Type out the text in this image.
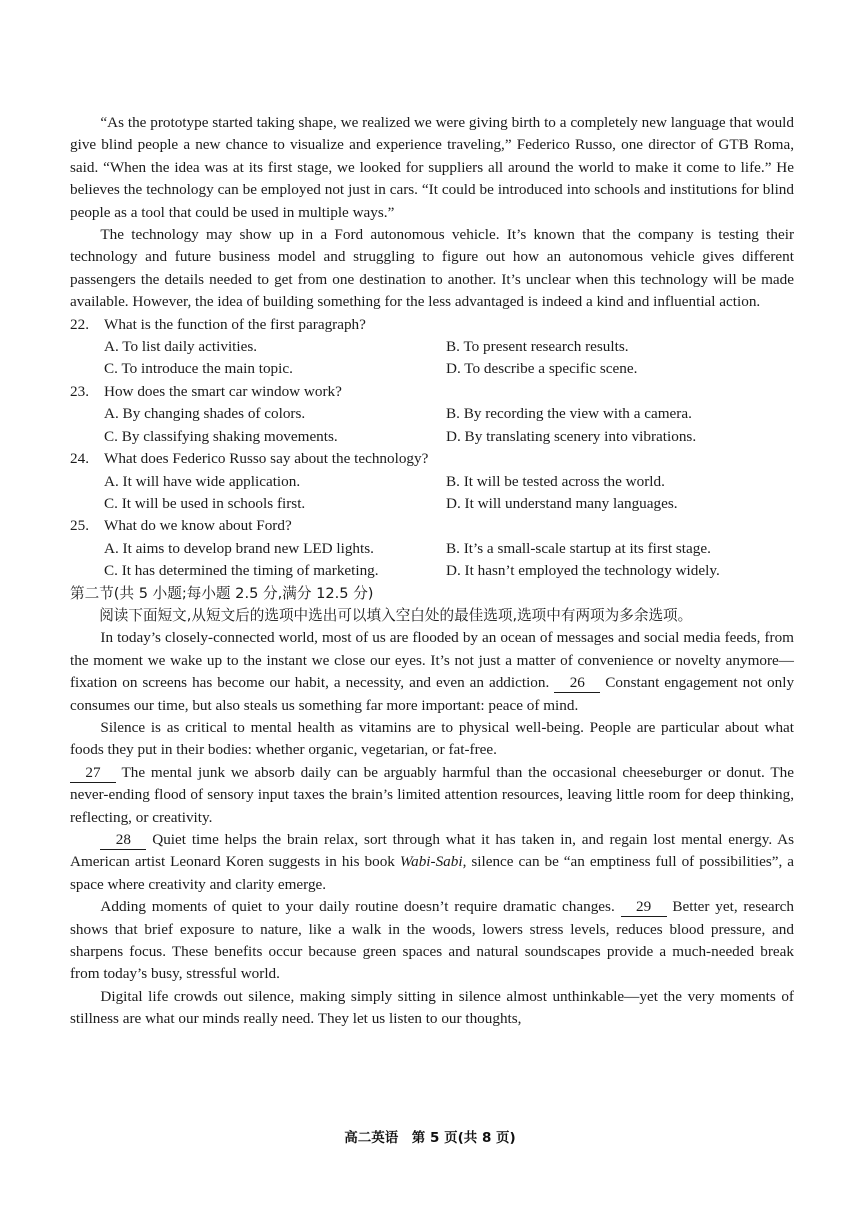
“As the prototype started taking shape, we realized we were giving birth to a completely new language that would give blind people a new chance to visualize and experience traveling,” Federico Russo, one director of GTB Roma, said. “When the idea was at its first stage, we looked for suppliers all around the world to make it come to life.” He believes the technology can be employed not just in cars. “It could be introduced into schools and institutions for blind people as a tool that could be used in multiple ways.”

The technology may show up in a Ford autonomous vehicle. It’s known that the company is testing their technology and future business model and struggling to figure out how an autonomous vehicle gives different passengers the details needed to get from one destination to another. It’s unclear when this technology will be made available. However, the idea of building something for the less advantaged is indeed a kind and influential action.

22. What is the function of the first paragraph?
A. To list daily activities.	B. To present research results.
C. To introduce the main topic.	D. To describe a specific scene.
23. How does the smart car window work?
A. By changing shades of colors.	B. By recording the view with a camera.
C. By classifying shaking movements.	D. By translating scenery into vibrations.
24. What does Federico Russo say about the technology?
A. It will have wide application.	B. It will be tested across the world.
C. It will be used in schools first.	D. It will understand many languages.
25. What do we know about Ford?
A. It aims to develop brand new LED lights.	B. It’s a small-scale startup at its first stage.
C. It has determined the timing of marketing.	D. It hasn’t employed the technology widely.
第二节(共 5 小题;每小题 2.5 分,满分 12.5 分)

阅读下面短文,从短文后的选项中选出可以填入空白处的最佳选项,选项中有两项为多余选项。

In today’s closely-connected world, most of us are flooded by an ocean of messages and social media feeds, from the moment we wake up to the instant we close our eyes. It’s not just a matter of convenience or novelty anymore—fixation on screens has become our habit, a necessity, and even an addiction. 26 Constant engagement not only consumes our time, but also steals us something far more important: peace of mind.

Silence is as critical to mental health as vitamins are to physical well-being. People are particular about what foods they put in their bodies: whether organic, vegetarian, or fat-free.

27 The mental junk we absorb daily can be arguably harmful than the occasional cheeseburger or donut. The never-ending flood of sensory input taxes the brain’s limited attention resources, leaving little room for deep thinking, reflecting, or creativity.

28 Quiet time helps the brain relax, sort through what it has taken in, and regain lost mental energy. As American artist Leonard Koren suggests in his book Wabi-Sabi, silence can be “an emptiness full of possibilities”, a space where creativity and clarity emerge.

Adding moments of quiet to your daily routine doesn’t require dramatic changes. 29 Better yet, research shows that brief exposure to nature, like a walk in the woods, lowers stress levels, reduces blood pressure, and sharpens focus. These benefits occur because green spaces and natural soundscapes provide a much-needed break from today’s busy, stressful world.

Digital life crowds out silence, making simply sitting in silence almost unthinkable—yet the very moments of stillness are what our minds really need. They let us listen to our thoughts,

高二英语　第 5 页(共 8 页)
